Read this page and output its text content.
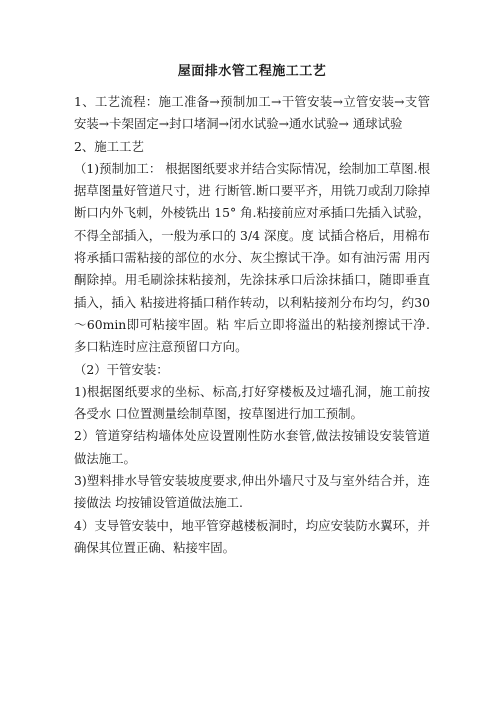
屋面排水管工程施工工艺

1、工艺流程：施工准备→预制加工→干管安装→立管安装→支管安装→卡架固定→封口堵洞→闭水试验→通水试验→ 通球试验

2、施工工艺

（1)预制加工： 根据图纸要求并结合实际情况，绘制加工草图.根据草图量好管道尺寸，进 行断管.断口要平齐，用铣刀或刮刀除掉断口内外飞刺，外棱铣出 15° 角.粘接前应对承插口先插入试验，不得全部插入，一般为承口的 3/4 深度。度 试插合格后，用棉布将承插口需粘接的部位的水分、灰尘擦试干净。如有油污需 用丙酮除掉。用毛刷涂抹粘接剂，先涂抹承口后涂抹插口，随即垂直插入，插入 粘接进将插口稍作转动，以利粘接剂分布均匀，约30～60min即可粘接牢固。粘 牢后立即将溢出的粘接剂擦试干净.多口粘连时应注意预留口方向。

（2）干管安装：

1)根据图纸要求的坐标、标高,打好穿楼板及过墙孔洞，施工前按各受水 口位置测量绘制草图，按草图进行加工预制。

2）管道穿结构墙体处应设置刚性防水套管,做法按铺设安装管道做法施工。

3)塑料排水导管安装坡度要求,伸出外墙尺寸及与室外结合并，连接做法 均按铺设管道做法施工.

4）支导管安装中，地平管穿越楼板洞时，均应安装防水翼环，并确保其位置正确、粘接牢固。
